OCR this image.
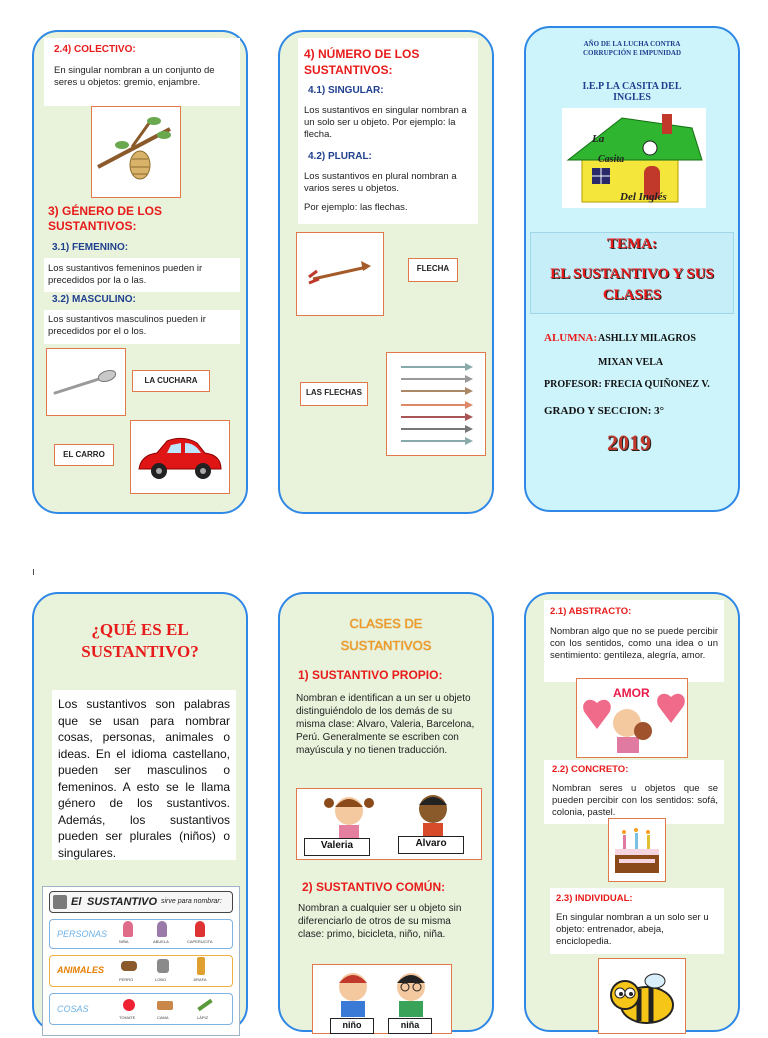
2.4) COLECTIVO:
En singular nombran a un conjunto de seres u objetos: gremio, enjambre.
3) GÉNERO DE LOS SUSTANTIVOS:
3.1) FEMENINO:
Los sustantivos femeninos pueden ir precedidos por la o las.
3.2) MASCULINO:
Los sustantivos masculinos pueden ir precedidos por el o los.
LA CUCHARA
EL CARRO
4) NÚMERO DE LOS SUSTANTIVOS:
4.1) SINGULAR:
Los sustantivos en singular nombran a un solo ser u objeto. Por ejemplo: la flecha.
4.2) PLURAL:
Los sustantivos en plural nombran a varios seres u objetos.
Por ejemplo: las flechas.
FLECHA
LAS FLECHAS
AÑO DE LA LUCHA CONTRA
CORRUPCIÓN E IMPUNIDAD
I.E.P LA CASITA DEL
INGLES
La
Casita
Del Inglés
TEMA:
EL SUSTANTIVO Y SUS
CLASES
ALUMNA: ASHLLY MILAGROS
MIXAN VELA
PROFESOR: FRECIA QUIÑONEZ V.
GRADO Y SECCION: 3°
2019
ı
¿QUÉ ES EL
SUSTANTIVO?
Los sustantivos son palabras que se usan para nombrar cosas, personas, animales o ideas. En el idioma castellano, pueden ser masculinos o femeninos. A esto se le llama género de los sustantivos. Además, los sustantivos pueden ser plurales (niños) o singulares.
El SUSTANTIVO sirve para nombrar:
PERSONAS
NIÑA	ABUELA	CAPERUCITA
ANIMALES
PERRO	LOBO	JIRAFA
COSAS
TOMATE	CAMA	LÁPIZ
CLASES DE
SUSTANTIVOS
1) SUSTANTIVO PROPIO:
Nombran e identifican a un ser u objeto distinguiéndolo de los demás de su misma clase: Alvaro, Valeria, Barcelona, Perú. Generalmente se escriben con mayúscula y no tienen traducción.
Valeria	Alvaro
2) SUSTANTIVO COMÚN:
Nombran a cualquier ser u objeto sin diferenciarlo de otros de su misma clase: primo, bicicleta, niño, niña.
niño	niña
2.1) ABSTRACTO:
Nombran algo que no se puede percibir con los sentidos, como una idea o un sentimiento: gentileza, alegría, amor.
AMOR
2.2) CONCRETO:
Nombran seres u objetos que se pueden percibir con los sentidos: sofá, colonia, pastel.
2.3) INDIVIDUAL:
En singular nombran a un solo ser u objeto: entrenador, abeja, enciclopedia.
